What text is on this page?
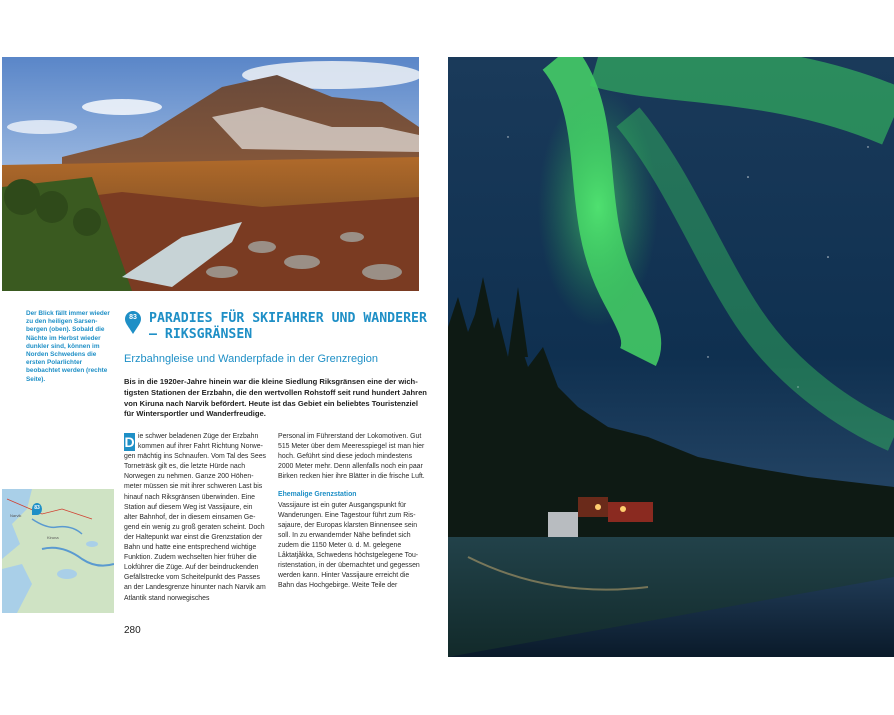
Der Blick fällt immer wieder zu den heiligen Sarsenbergen (oben). Sobald die Nächte im Herbst wieder dunkler sind, können im Norden Schwedens die ersten Polarlichter beobachtet werden (rechte Seite).
Kiruna
Narvik
83
83 PARADIES FÜR SKIFAHRER UND WANDERER – RIKSGRÄNSEN
Erzbahngleise und Wanderpfade in der Grenzregion
Bis in die 1920er-Jahre hinein war die kleine Siedlung Riksgränsen eine der wichtigsten Stationen der Erzbahn, die den wertvollen Rohstoff seit rund hundert Jahren von Kiruna nach Narvik befördert. Heute ist das Gebiet ein beliebtes Touristenziel für Wintersportler und Wanderfreudige.
D ie schwer beladenen Züge der Erzbahn kommen auf ihrer Fahrt Richtung Norwegen mächtig ins Schnaufen. Vom Tal des Sees Torneträsk gilt es, die letzte Hürde nach Norwegen zu nehmen. Ganze 200 Höhenmeter müssen sie mit ihrer schweren Last bis hinauf nach Riksgränsen überwinden. Eine Station auf diesem Weg ist Vassijaure, ein alter Bahnhof, der in diesem einsamen Gegend ein wenig zu groß geraten scheint. Doch der Haltepunkt war einst die Grenzstation der Bahn und hatte eine entsprechend wichtige Funktion. Zudem wechselten hier früher die Lokführer die Züge. Auf der beindruckenden Gefällstrecke vom Scheitelpunkt des Passes an der Landesgrenze hinunter nach Narvik am Atlantik stand norwegisches
Personal im Führerstand der Lokomotiven. Gut 515 Meter über dem Meeresspiegel ist man hier hoch. Geführt sind diese jedoch mindestens 2000 Meter mehr. Denn allenfalls noch ein paar Birken recken hier ihre Blätter in die frische Luft.
Ehemalige Grenzstation
Vassijaure ist ein guter Ausgangspunkt für Wanderungen. Eine Tagestour führt zum Rissajaure, der Europas klarsten Binnensee sein soll. In zu erwandernder Nähe befindet sich zudem die 1150 Meter ü. d. M. gelegene Låktatjåkka, Schwedens höchstgelegene Touristenstation, in der übernachtet und gegessen werden kann. Hinter Vassijaure erreicht die Bahn das Hochgebirge. Weite Teile der
280
